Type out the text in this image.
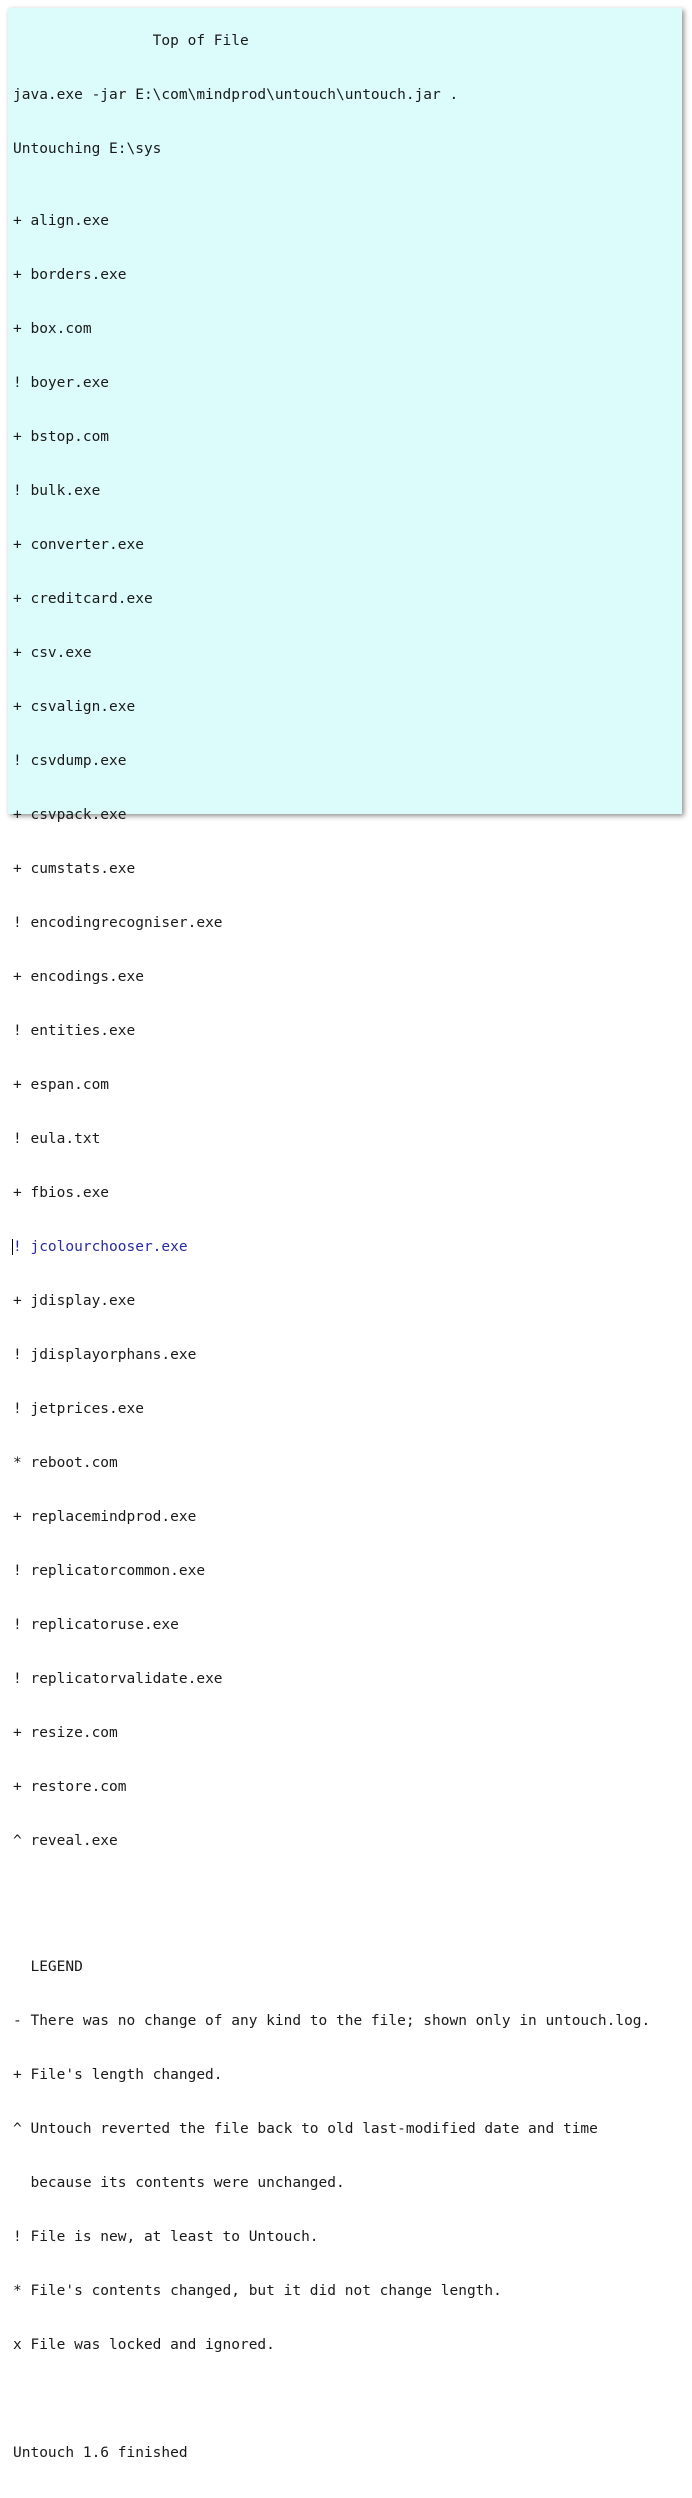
Top of File

java.exe -jar E:\com\mindprod\untouch\untouch.jar .

Untouching E:\sys

+ align.exe

+ borders.exe

+ box.com

! boyer.exe

+ bstop.com

! bulk.exe

+ converter.exe

+ creditcard.exe

+ csv.exe

+ csvalign.exe

! csvdump.exe

+ csvpack.exe

+ cumstats.exe

! encodingrecogniser.exe

+ encodings.exe

! entities.exe

+ espan.com

! eula.txt

+ fbios.exe

! jcolourchooser.exe

+ jdisplay.exe

! jdisplayorphans.exe

! jetprices.exe

* reboot.com

+ replacemindprod.exe

! replicatorcommon.exe

! replicatoruse.exe

! replicatorvalidate.exe

+ resize.com

+ restore.com

^ reveal.exe

LEGEND

- There was no change of any kind to the file; shown only in untouch.log.

+ File's length changed.

^ Untouch reverted the file back to old last-modified date and time

because its contents were unchanged.

! File is new, at least to Untouch.

* File's contents changed, but it did not change length.

x File was locked and ignored.

Untouch 1.6 finished
